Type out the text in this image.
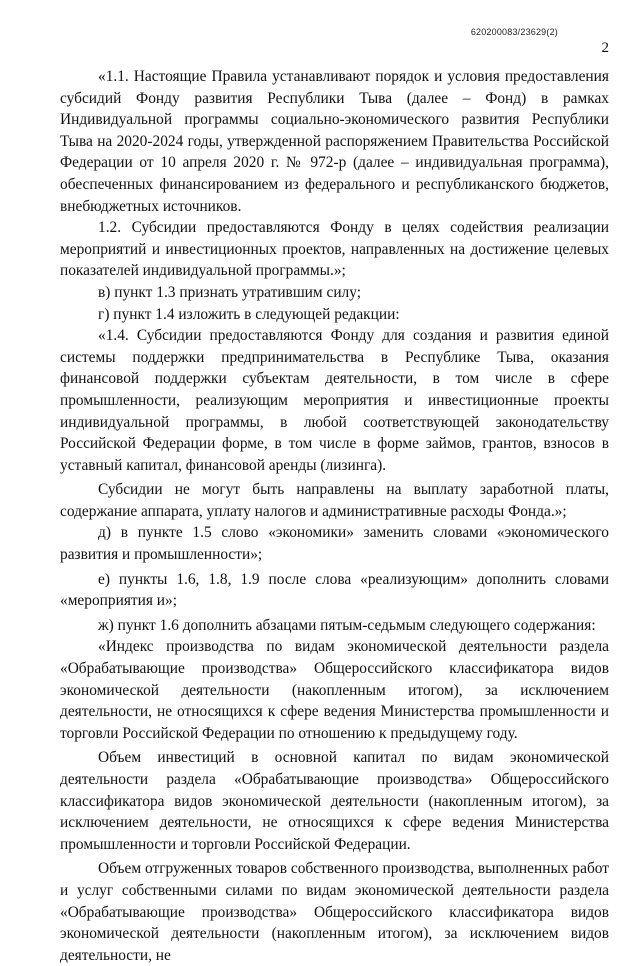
620200083/23629(2)
2

«1.1. Настоящие Правила устанавливают порядок и условия предоставления субсидий Фонду развития Республики Тыва (далее – Фонд) в рамках Индивидуальной программы социально-экономического развития Республики Тыва на 2020-2024 годы, утвержденной распоряжением Правительства Российской Федерации от 10 апреля 2020 г. № 972-р (далее – индивидуальная программа), обеспеченных финансированием из федерального и республиканского бюджетов, внебюджетных источников.

1.2. Субсидии предоставляются Фонду в целях содействия реализации мероприятий и инвестиционных проектов, направленных на достижение целевых показателей индивидуальной программы.»;

в) пункт 1.3 признать утратившим силу;

г) пункт 1.4 изложить в следующей редакции:

«1.4. Субсидии предоставляются Фонду для создания и развития единой системы поддержки предпринимательства в Республике Тыва, оказания финансовой поддержки субъектам деятельности, в том числе в сфере промышленности, реализующим мероприятия и инвестиционные проекты индивидуальной программы, в любой соответствующей законодательству Российской Федерации форме, в том числе в форме займов, грантов, взносов в уставный капитал, финансовой аренды (лизинга).

Субсидии не могут быть направлены на выплату заработной платы, содержание аппарата, уплату налогов и административные расходы Фонда.»;

д) в пункте 1.5 слово «экономики» заменить словами «экономического развития и промышленности»;

е) пункты 1.6, 1.8, 1.9 после слова «реализующим» дополнить словами «мероприятия и»;

ж) пункт 1.6 дополнить абзацами пятым-седьмым следующего содержания:

«Индекс производства по видам экономической деятельности раздела «Обрабатывающие производства» Общероссийского классификатора видов экономической деятельности (накопленным итогом), за исключением деятельности, не относящихся к сфере ведения Министерства промышленности и торговли Российской Федерации по отношению к предыдущему году.

Объем инвестиций в основной капитал по видам экономической деятельности раздела «Обрабатывающие производства» Общероссийского классификатора видов экономической деятельности (накопленным итогом), за исключением деятельности, не относящихся к сфере ведения Министерства промышленности и торговли Российской Федерации.

Объем отгруженных товаров собственного производства, выполненных работ и услуг собственными силами по видам экономической деятельности раздела «Обрабатывающие производства» Общероссийского классификатора видов экономической деятельности (накопленным итогом), за исключением видов деятельности, не
